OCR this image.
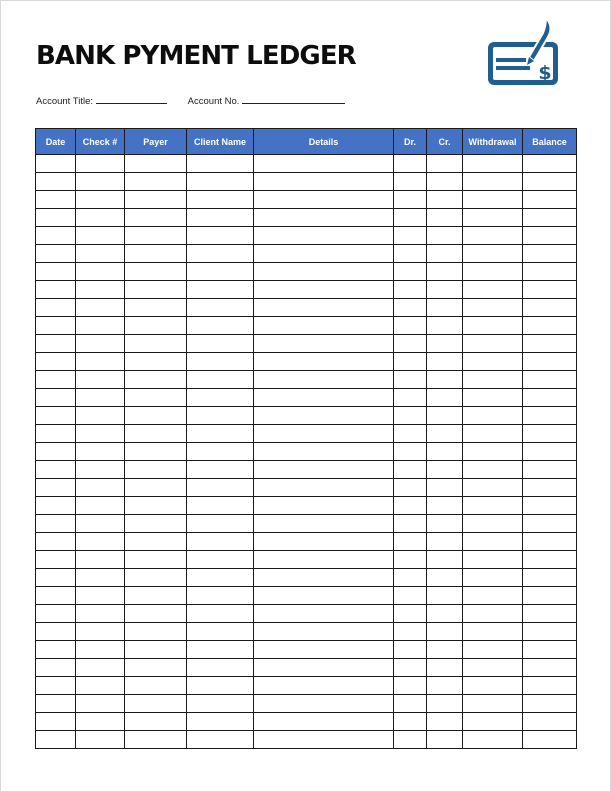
BANK PYMENT LEDGER
$
Account Title:	Account No.
Date	Check #	Payer	Client Name	Details	Dr.	Cr.	Withdrawal	Balance
